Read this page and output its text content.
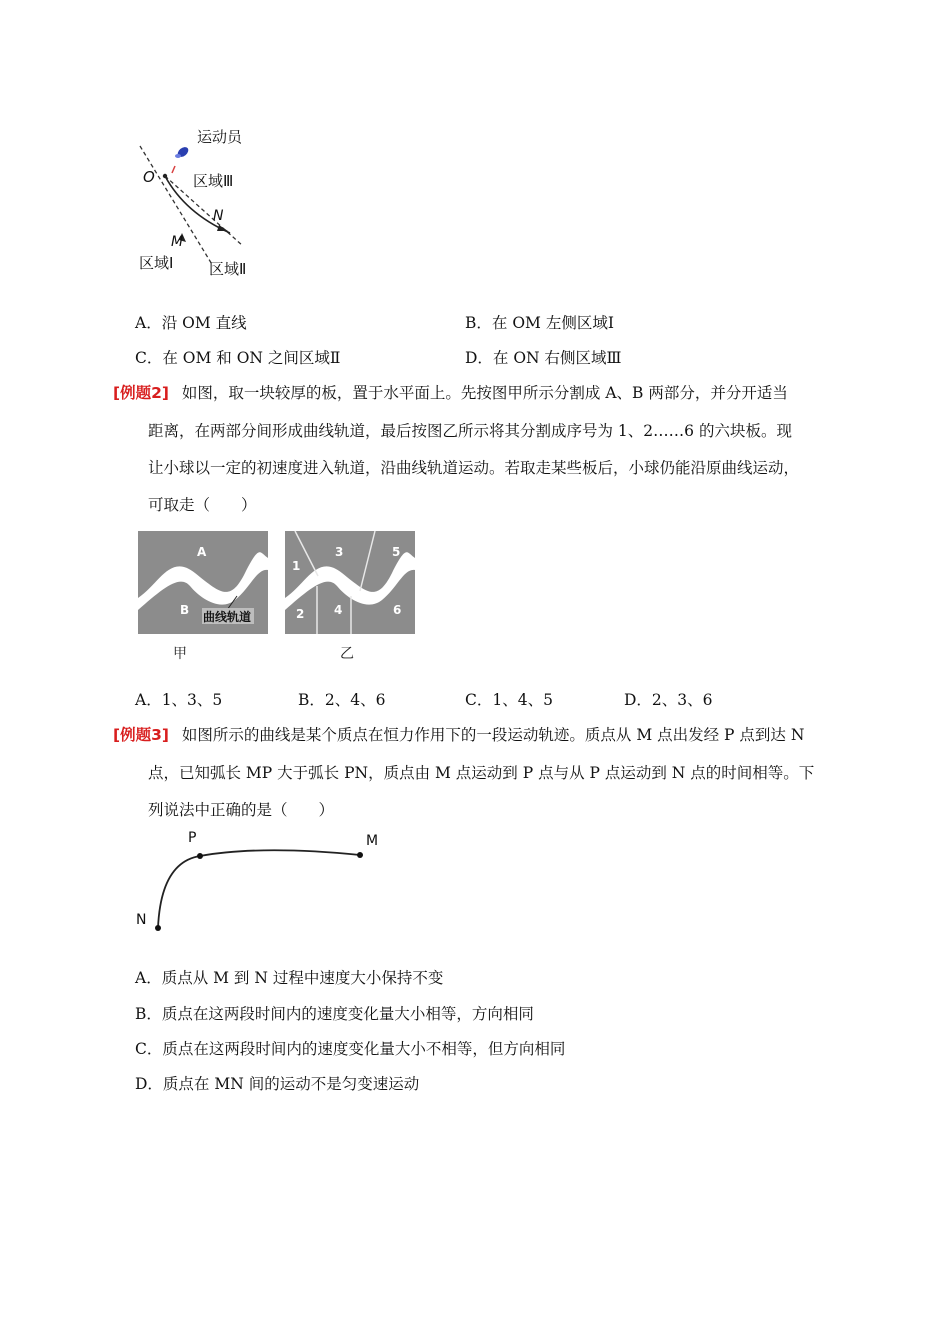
运动员
O	区域Ⅲ
N
M
区域Ⅰ 区域Ⅱ
A．沿 OM 直线	B．在 OM 左侧区域Ⅰ
C．在 OM 和 ON 之间区域Ⅱ	D．在 ON 右侧区域Ⅲ
[例题2] 如图，取一块较厚的板，置于水平面上。先按图甲所示分割成 A、B 两部分，并分开适当
距离，在两部分间形成曲线轨道，最后按图乙所示将其分割成序号为 1、2……6 的六块板。现
让小球以一定的初速度进入轨道，沿曲线轨道运动。若取走某些板后，小球仍能沿原曲线运动，
可取走（　　）
A
B 曲线轨道
1
2
3
4
5
6
甲	乙
A．1、3、5	B．2、4、6	C．1、4、5	D．2、3、6
[例题3] 如图所示的曲线是某个质点在恒力作用下的一段运动轨迹。质点从 M 点出发经 P 点到达 N
点，已知弧长 MP 大于弧长 PN，质点由 M 点运动到 P 点与从 P 点运动到 N 点的时间相等。下
列说法中正确的是（　　）
P	M
N
A．质点从 M 到 N 过程中速度大小保持不变
B．质点在这两段时间内的速度变化量大小相等，方向相同
C．质点在这两段时间内的速度变化量大小不相等，但方向相同
D．质点在 MN 间的运动不是匀变速运动
